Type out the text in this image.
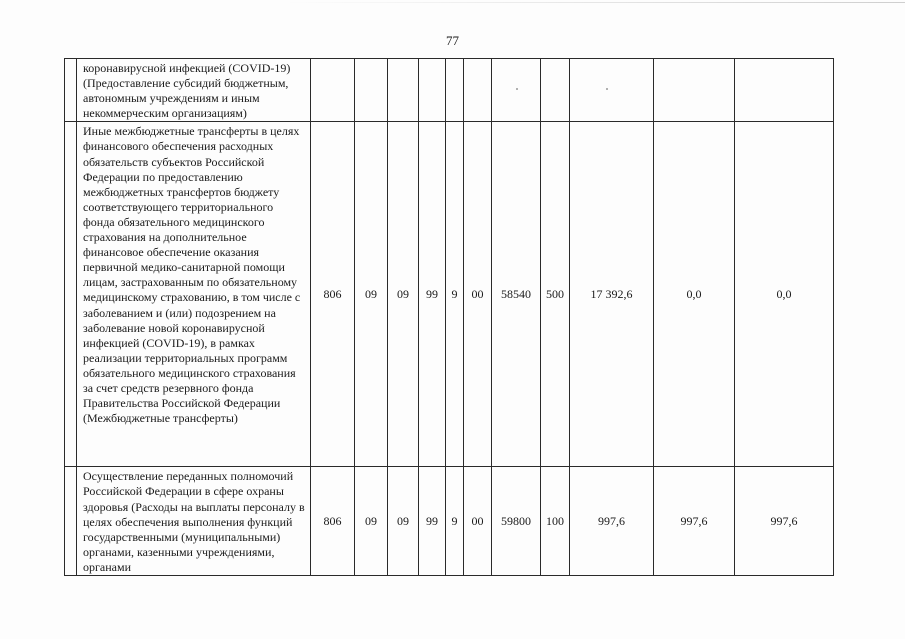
77
	коронавирусной инфекцией (COVID-19) (Предоставление субсидий бюджетным, автономным учреждениям и иным некоммерческим организациям)											
	Иные межбюджетные трансферты в целях финансового обеспечения расходных обязательств субъектов Российской Федерации по предоставлению межбюджетных трансфертов бюджету соответствующего территориального фонда обязательного медицинского страхования на дополнительное финансовое обеспечение оказания первичной медико-санитарной помощи лицам, застрахованным по обязательному медицинскому страхованию, в том числе с заболеванием и (или) подозрением на заболевание новой коронавирусной инфекцией (COVID-19), в рамках реализации территориальных программ обязательного медицинского страхования за счет средств резервного фонда Правительства Российской Федерации (Межбюджетные трансферты)	806	09	09	99	9	00	58540	500	17 392,6	0,0	0,0
	Осуществление переданных полномочий Российской Федерации в сфере охраны здоровья (Расходы на выплаты персоналу в целях обеспечения выполнения функций государственными (муниципальными) органами, казенными учреждениями, органами	806	09	09	99	9	00	59800	100	997,6	997,6	997,6
